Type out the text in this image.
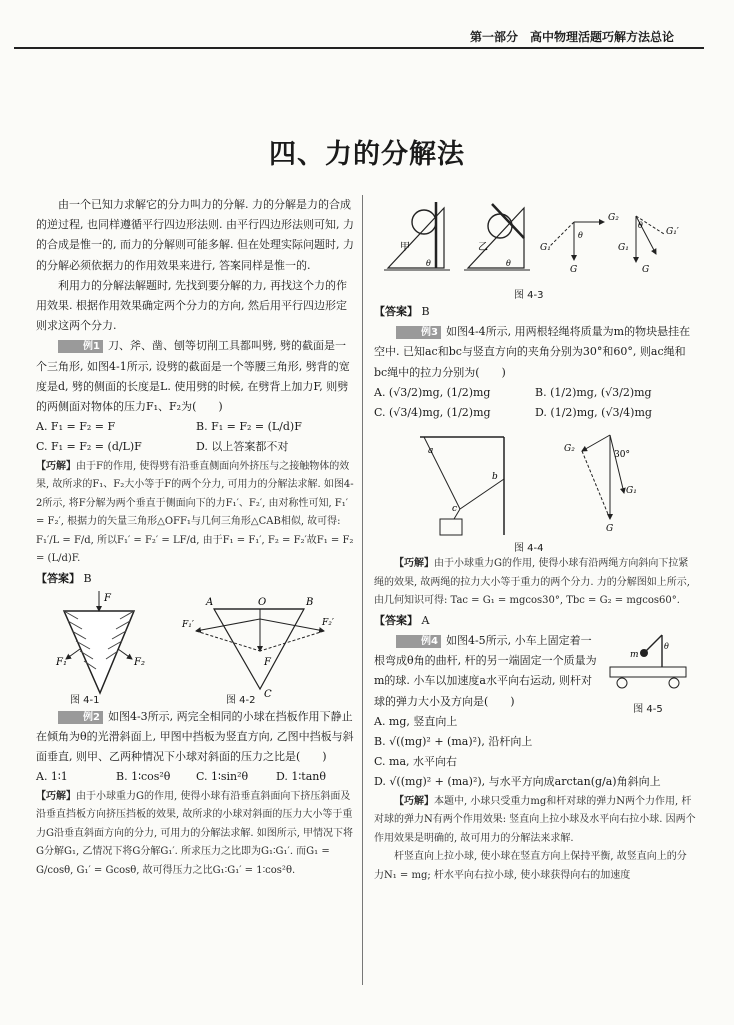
第一部分　高中物理活题巧解方法总论
四、力的分解法

由一个已知力求解它的分力叫力的分解. 力的分解是力的合成的逆过程, 也同样遵循平行四边形法则. 由平行四边形法则可知, 力的合成是惟一的, 而力的分解则可能多解. 但在处理实际问题时, 力的分解必须依据力的作用效果来进行, 答案同样是惟一的.

利用力的分解法解题时, 先找到要分解的力, 再找这个力的作用效果. 根据作用效果确定两个分力的方向, 然后用平行四边形定则求这两个分力.

例1 刀、斧、凿、刨等切削工具都叫劈, 劈的截面是一个三角形, 如图4-1所示, 设劈的截面是一个等腰三角形, 劈背的宽度是d, 劈的侧面的长度是L. 使用劈的时候, 在劈背上加力F, 则劈的两侧面对物体的压力F₁、F₂为(　　)

A. F₁ = F₂ = F	B. F₁ = F₂ = (L/d)F
C. F₁ = F₂ = (d/L)F	D. 以上答案都不对

【巧解】由于F的作用, 使得劈有沿垂直侧面向外挤压与之接触物体的效果, 故所求的F₁、F₂大小等于F的两个分力, 可用力的分解法求解. 如图4-2所示, 将F分解为两个垂直于侧面向下的力F₁′、F₂′, 由对称性可知, F₁′ = F₂′, 根据力的矢量三角形△OFF₁与几何三角形△CAB相似, 故可得: F₁′/L = F/d, 所以F₁′ = F₂′ = LF/d, 由于F₁ = F₁′, F₂ = F₂′故F₁ = F₂ = (L/d)F.

【答案】 B

F
F₁	F₂
A	O	B
F₁′	F₂′
F
C
图 4-1	图 4-2

例2 如图4-3所示, 两完全相同的小球在挡板作用下静止在倾角为θ的光滑斜面上, 甲图中挡板为竖直方向, 乙图中挡板与斜面垂直, 则甲、乙两种情况下小球对斜面的压力之比是(　　)

A. 1∶1	B. 1∶cos²θ	C. 1∶sin²θ	D. 1∶tanθ

【巧解】由于小球重力G的作用, 使得小球有沿垂直斜面向下挤压斜面及沿垂直挡板方向挤压挡板的效果, 故所求的小球对斜面的压力大小等于重力G沿垂直斜面方向的分力, 可用力的分解法求解. 如图所示, 甲情况下将G分解G₁, 乙情况下将G分解G₁′. 所求压力之比即为G₁∶G₁′. 而G₁ = G/cosθ, G₁′ = Gcosθ, 故可得压力之比G₁∶G₁′ = 1∶cos²θ.

甲
θ
乙
θ
G₂
G₁
G
θ	G₁′
G₁
G
θ
图 4-3

【答案】 B

例3 如图4-4所示, 用两根轻绳将质量为m的物块悬挂在空中. 已知ac和bc与竖直方向的夹角分别为30°和60°, 则ac绳和bc绳中的拉力分别为(　　)

A. (√3/2)mg, (1/2)mg	B. (1/2)mg, (√3/2)mg
C. (√3/4)mg, (1/2)mg	D. (1/2)mg, (√3/4)mg
a
b
c
G₂
G₁
G
30°
图 4-4

【巧解】由于小球重力G的作用, 使得小球有沿两绳方向斜向下拉紧绳的效果, 故两绳的拉力大小等于重力的两个分力. 力的分解图如上所示, 由几何知识可得: Tac = G₁ = mgcos30°, Tbc = G₂ = mgcos60°.

【答案】 A

m
θ
图 4-5

例4 如图4-5所示, 小车上固定着一根弯成θ角的曲杆, 杆的另一端固定一个质量为m的球. 小车以加速度a水平向右运动, 则杆对球的弹力大小及方向是(　　)

A. mg, 竖直向上
B. √((mg)² + (ma)²), 沿杆向上
C. ma, 水平向右
D. √((mg)² + (ma)²), 与水平方向成arctan(g/a)角斜向上

【巧解】本题中, 小球只受重力mg和杆对球的弹力N两个力作用, 杆对球的弹力N有两个作用效果: 竖直向上拉小球及水平向右拉小球. 因两个作用效果是明确的, 故可用力的分解法来求解.

杆竖直向上拉小球, 使小球在竖直方向上保持平衡, 故竖直向上的分力N₁ = mg; 杆水平向右拉小球, 使小球获得向右的加速度
